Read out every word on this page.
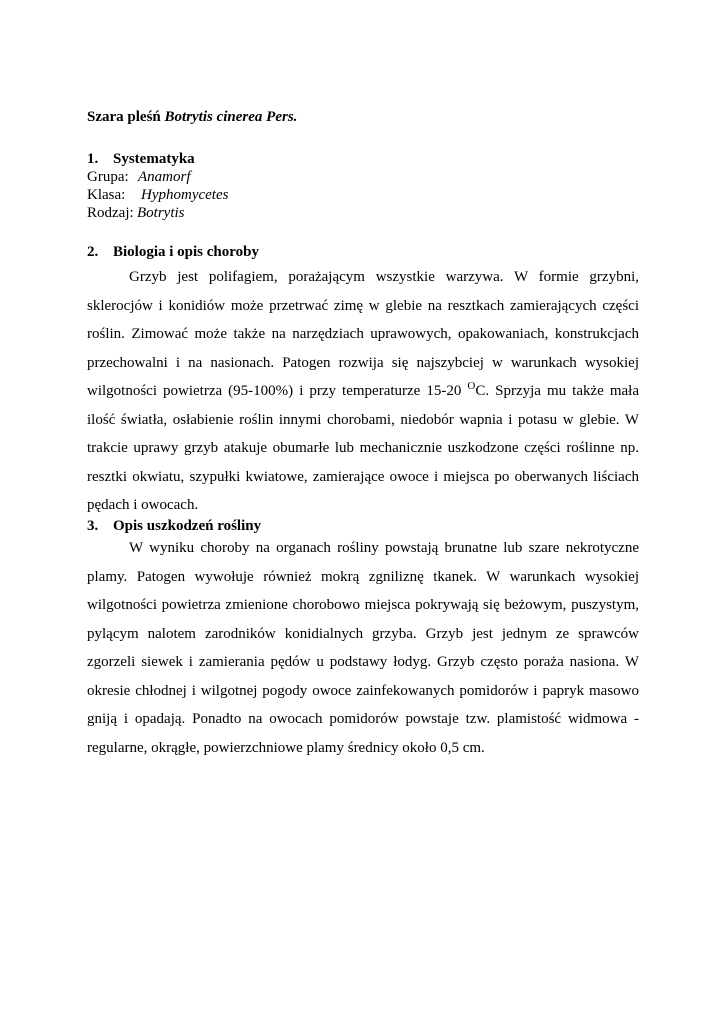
Szara pleśń Botrytis cinerea Pers.
1. Systematyka
Grupa: Anamorf
Klasa: Hyphomycetes
Rodzaj: Botrytis
2. Biologia i opis choroby

Grzyb jest polifagiem, porażającym wszystkie warzywa. W formie grzybni, sklerocjów i konidiów może przetrwać zimę w glebie na resztkach zamierających części roślin. Zimować może także na narzędziach uprawowych, opakowaniach, konstrukcjach przechowalni i na nasionach. Patogen rozwija się najszybciej w warunkach wysokiej wilgotności powietrza (95-100%) i przy temperaturze 15-20 $^O$C. Sprzyja mu także mała ilość światła, osłabienie roślin innymi chorobami, niedobór wapnia i potasu w glebie. W trakcie uprawy grzyb atakuje obumarłe lub mechanicznie uszkodzone części roślinne np. resztki okwiatu, szypułki kwiatowe, zamierające owoce i miejsca po oberwanych liściach pędach i owocach.

3. Opis uszkodzeń rośliny

W wyniku choroby na organach rośliny powstają brunatne lub szare nekrotyczne plamy. Patogen wywołuje również mokrą zgniliznę tkanek. W warunkach wysokiej wilgotności powietrza zmienione chorobowo miejsca pokrywają się beżowym, puszystym, pylącym nalotem zarodników konidialnych grzyba. Grzyb jest jednym ze sprawców zgorzeli siewek i zamierania pędów u podstawy łodyg. Grzyb często poraża nasiona. W okresie chłodnej i wilgotnej pogody owoce zainfekowanych pomidorów i papryk masowo gniją i opadają. Ponadto na owocach pomidorów powstaje tzw. plamistość widmowa - regularne, okrągłe, powierzchniowe plamy średnicy około 0,5 cm.
